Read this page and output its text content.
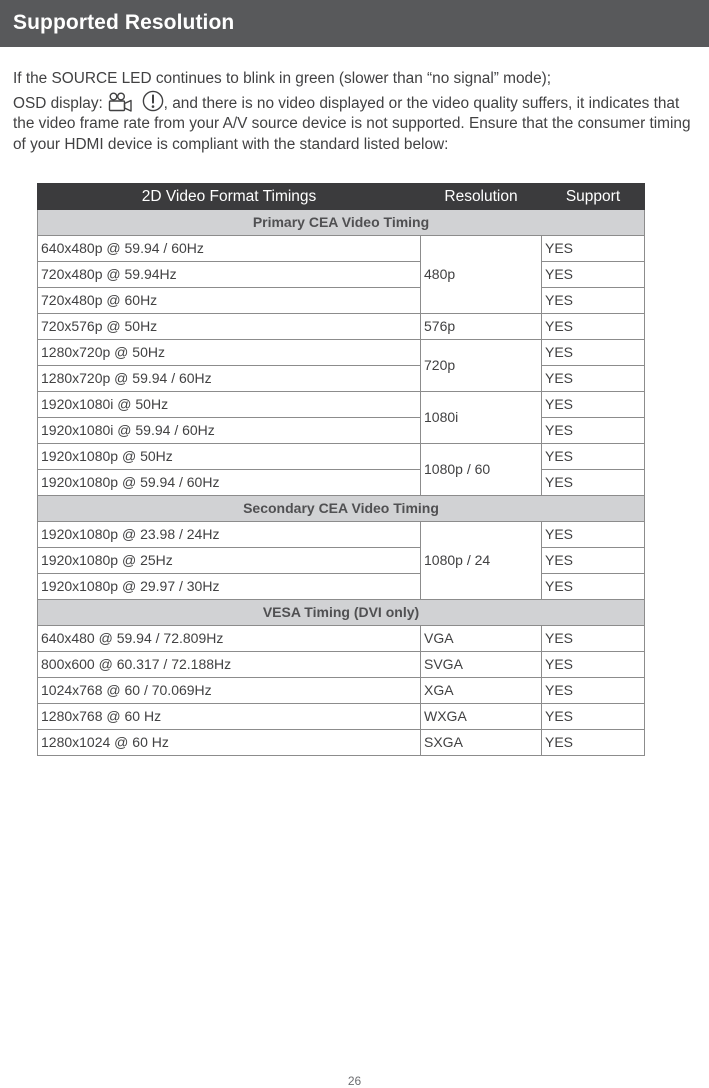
Supported Resolution

If the SOURCE LED continues to blink in green (slower than “no signal” mode);
OSD display:
	, and there is no video displayed or the video quality suffers, it indicates that the video frame rate from your A/V source device is not supported. Ensure that the consumer timing of your HDMI device is compliant with the standard listed below:

2D Video Format Timings	Resolution	Support
Primary CEA Video Timing		
640x480p @ 59.94 / 60Hz	480p	YES
720x480p @ 59.94Hz		YES
720x480p @ 60Hz		YES
720x576p @ 50Hz	576p	YES
1280x720p @ 50Hz	720p	YES
1280x720p @ 59.94 / 60Hz		YES
1920x1080i @ 50Hz	1080i	YES
1920x1080i @ 59.94 / 60Hz		YES
1920x1080p @ 50Hz	1080p / 60	YES
1920x1080p @ 59.94 / 60Hz		YES
Secondary CEA Video Timing		
1920x1080p @ 23.98 / 24Hz	1080p / 24	YES
1920x1080p @ 25Hz		YES
1920x1080p @ 29.97 / 30Hz		YES
VESA Timing (DVI only)		
640x480 @ 59.94 / 72.809Hz	VGA	YES
800x600 @ 60.317 / 72.188Hz	SVGA	YES
1024x768 @ 60 / 70.069Hz	XGA	YES
1280x768 @ 60 Hz	WXGA	YES
1280x1024 @ 60 Hz	SXGA	YES
26
